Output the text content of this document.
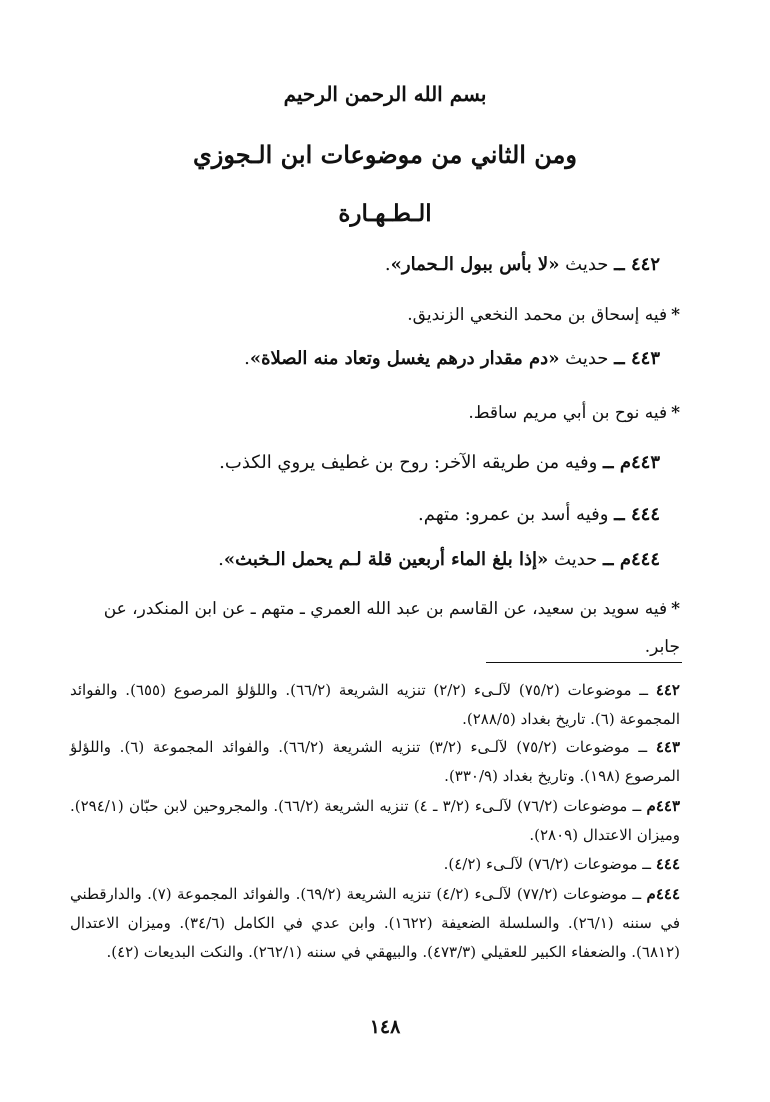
بسم الله الرحمن الرحيم
ومن الثاني من موضوعات ابن الـجوزي
الـطـهـارة
٤٤٢ ــ حديث «لا بأس ببول الـحمار».
*فيه إسحاق بن محمد النخعي الزنديق.
٤٤٣ ــ حديث «دم مقدار درهم يغسل وتعاد منه الصلاة».
*فيه نوح بن أبي مريم ساقط.
٤٤٣م ــ وفيه من طريقه الآخر: روح بن غطيف يروي الكذب.
٤٤٤ ــ وفيه أسد بن عمرو: متهم.
٤٤٤م ــ حديث «إذا بلغ الماء أربعين قلة لـم يحمل الـخبث».
*فيه سويد بن سعيد، عن القاسم بن عبد الله العمري ـ متهم ـ عن ابن المنكدر، عن جابر.
٤٤٢ ــ موضوعات (٧٥/٢) لآلـىء (٢/٢) تنزيه الشريعة (٦٦/٢). واللؤلؤ المرصوع (٦٥٥). والفوائد المجموعة (٦). تاريخ بغداد (٢٨٨/٥).
٤٤٣ ــ موضوعات (٧٥/٢) لآلـىء (٣/٢) تنزيه الشريعة (٦٦/٢). والفوائد المجموعة (٦). واللؤلؤ المرصوع (١٩٨). وتاريخ بغداد (٣٣٠/٩).
٤٤٣م ــ موضوعات (٧٦/٢) لآلـىء (٣/٢ ـ ٤) تنزيه الشريعة (٦٦/٢). والمجروحين لابن حبّان (٢٩٤/١). وميزان الاعتدال (٢٨٠٩).
٤٤٤ ــ موضوعات (٧٦/٢) لآلـىء (٤/٢).
٤٤٤م ــ موضوعات (٧٧/٢) لآلـىء (٤/٢) تنزيه الشريعة (٦٩/٢). والفوائد المجموعة (٧). والدارقطني في سننه (٢٦/١). والسلسلة الضعيفة (١٦٢٢). وابن عدي في الكامل (٣٤/٦). وميزان الاعتدال (٦٨١٢). والضعفاء الكبير للعقيلي (٤٧٣/٣). والبيهقي في سننه (٢٦٢/١). والنكت البديعات (٤٢).
١٤٨
